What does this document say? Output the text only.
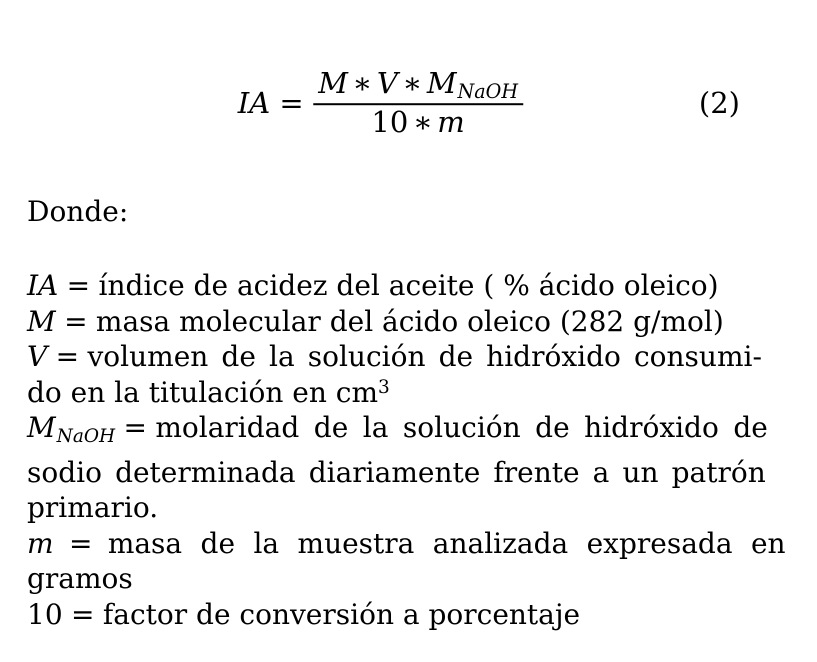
IA = $\frac{\text{M ∗ V ∗ MNaOH}}{10 ∗ m}$	(2)
Donde:
IA = índice de acidez del aceite ( % ácido oleico)
M = masa molecular del ácido oleico (282 g/mol)
V = volumen de la solución de hidróxido consumi-
do en la titulación en $cm^3$
MNaOH = molaridad de la solución de hidróxido de
sodio determinada diariamente frente a un patrón
primario.
m = masa de la muestra analizada expresada en
gramos
10 = factor de conversión a porcentaje
